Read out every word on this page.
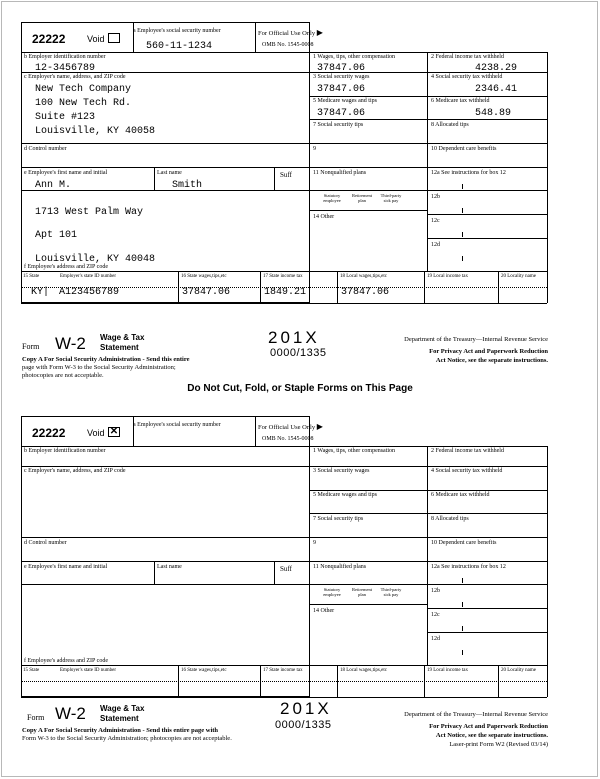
Do Not Cut, Fold, or Staple Forms on This Page
22222 Void
a Employee's social security number
560-11-1234
For Official Use Only ▶
OMB No. 1545-0008
b Employer identification number
12-3456789
c Employer's name, address, and ZIP code
New Tech Company
100 New Tech Rd.
Suite #123
Louisville, KY 40058
d Control number
e Employee's first name and initial	Last name	Suff
Ann M.	Smith
1713 West Palm Way
Apt 101
Louisville, KY 40048
f Employee's address and ZIP code
1 Wages, tips, other compensation
37847.06
2 Federal income tax withheld
4238.29
3 Social security wages
37847.06
4 Social security tax withheld
2346.41
5 Medicare wages and tips
37847.06
6 Medicare tax withheld
548.89
7 Social security tips	8 Allocated tips
9	10 Dependent care benefits
11 Nonqualified plans	12a See instructions for box 12
Statutory employee
Retirement plan
Third-party sick pay
14 Other
12b
12c
12d
15 State	Employer's state ID number	16 State wages,tips,etc	17 State income tax	18 Local wages,tips,etc	19 Local income tax	20 Locality name
KY| A123456789	37847.06	1849.21	37847.06
Form W-2 Wage & Tax
Statement
201X
0000/1335
Copy A For Social Security Administration - Send this entire
page with Form W-3 to the Social Security Administration;
photocopies are not acceptable.
Department of the Treasury—Internal Revenue Service
For Privacy Act and Paperwork Reduction
Act Notice, see the separate instructions.
22222 Void ✕
a Employee's social security number	For Official Use Only ▶
OMB No. 1545-0008
b Employer identification number
c Employer's name, address, and ZIP code
d Control number
e Employee's first name and initial	Last name	Suff
f Employee's address and ZIP code
1 Wages, tips, other compensation	2 Federal income tax withheld
3 Social security wages	4 Social security tax withheld
5 Medicare wages and tips	6 Medicare tax withheld
7 Social security tips	8 Allocated tips
9	10 Dependent care benefits
11 Nonqualified plans	12a See instructions for box 12
Statutory employee
Retirement plan
Third-party sick pay
14 Other
12b
12c
12d
15 State	Employer's state ID number	16 State wages,tips,etc	17 State income tax	18 Local wages,tips,etc	19 Local income tax	20 Locality name
Form W-2 Wage & Tax
Statement
201X
0000/1335
Copy A For Social Security Administration - Send this entire page with
Form W-3 to the Social Security Administration; photocopies are not acceptable.
Department of the Treasury—Internal Revenue Service
For Privacy Act and Paperwork Reduction
Act Notice, see the separate instructions.
Laser-print Form W2 (Revised 03/14)
